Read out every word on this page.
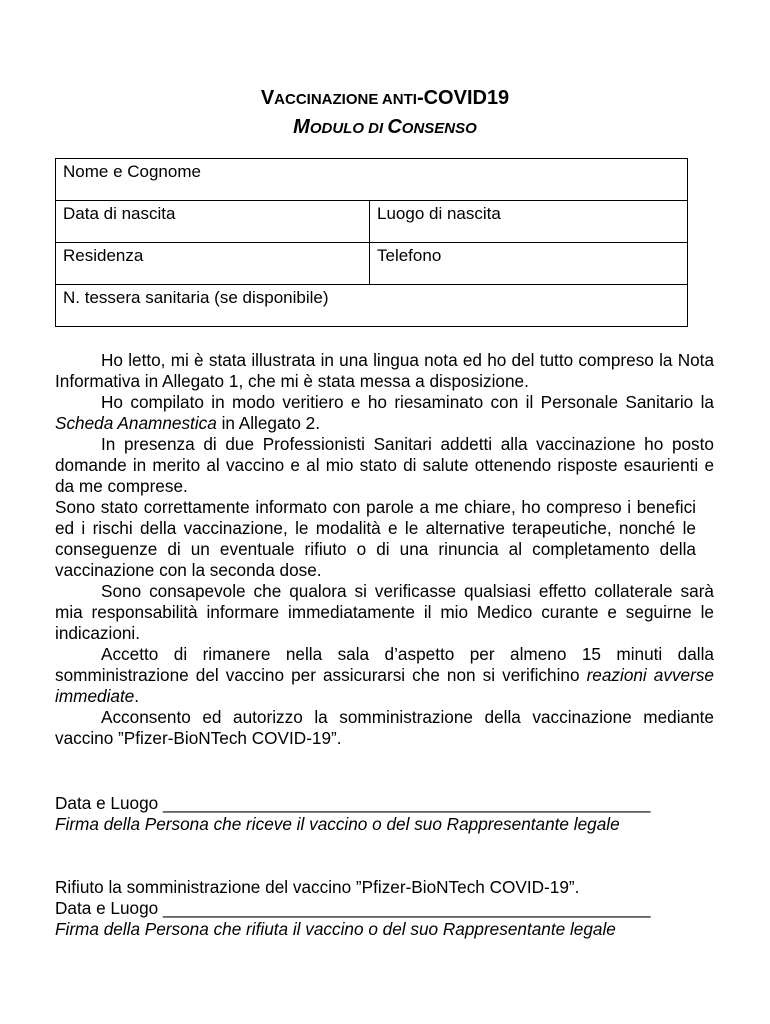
VACCINAZIONE ANTI-COVID19
MODULO DI CONSENSO
Nome e Cognome	

Data di nascita	Luogo di nascita

Residenza	Telefono

N. tessera sanitaria (se disponibile)	

Ho letto, mi è stata illustrata in una lingua nota ed ho del tutto compreso la Nota Informativa in Allegato 1, che mi è stata messa a disposizione.

Ho compilato in modo veritiero e ho riesaminato con il Personale Sanitario la Scheda Anamnestica in Allegato 2.

In presenza di due Professionisti Sanitari addetti alla vaccinazione ho posto domande in merito al vaccino e al mio stato di salute ottenendo risposte esaurienti e da me comprese.

Sono stato correttamente informato con parole a me chiare, ho compreso i benefici ed i rischi della vaccinazione, le modalità e le alternative terapeutiche, nonché le conseguenze di un eventuale rifiuto o di una rinuncia al completamento della vaccinazione con la seconda dose.

Sono consapevole che qualora si verificasse qualsiasi effetto collaterale sarà mia responsabilità informare immediatamente il mio Medico curante e seguirne le indicazioni.

Accetto di rimanere nella sala d’aspetto per almeno 15 minuti dalla somministrazione del vaccino per assicurarsi che non si verifichino reazioni avverse immediate.

Acconsento ed autorizzo la somministrazione della vaccinazione mediante vaccino ”Pfizer-BioNTech COVID-19”.

Data e Luogo ___________________________________________________
Firma della Persona che riceve il vaccino o del suo Rappresentante legale
Rifiuto la somministrazione del vaccino ”Pfizer-BioNTech COVID-19”.
Data e Luogo ___________________________________________________
Firma della Persona che rifiuta il vaccino o del suo Rappresentante legale
